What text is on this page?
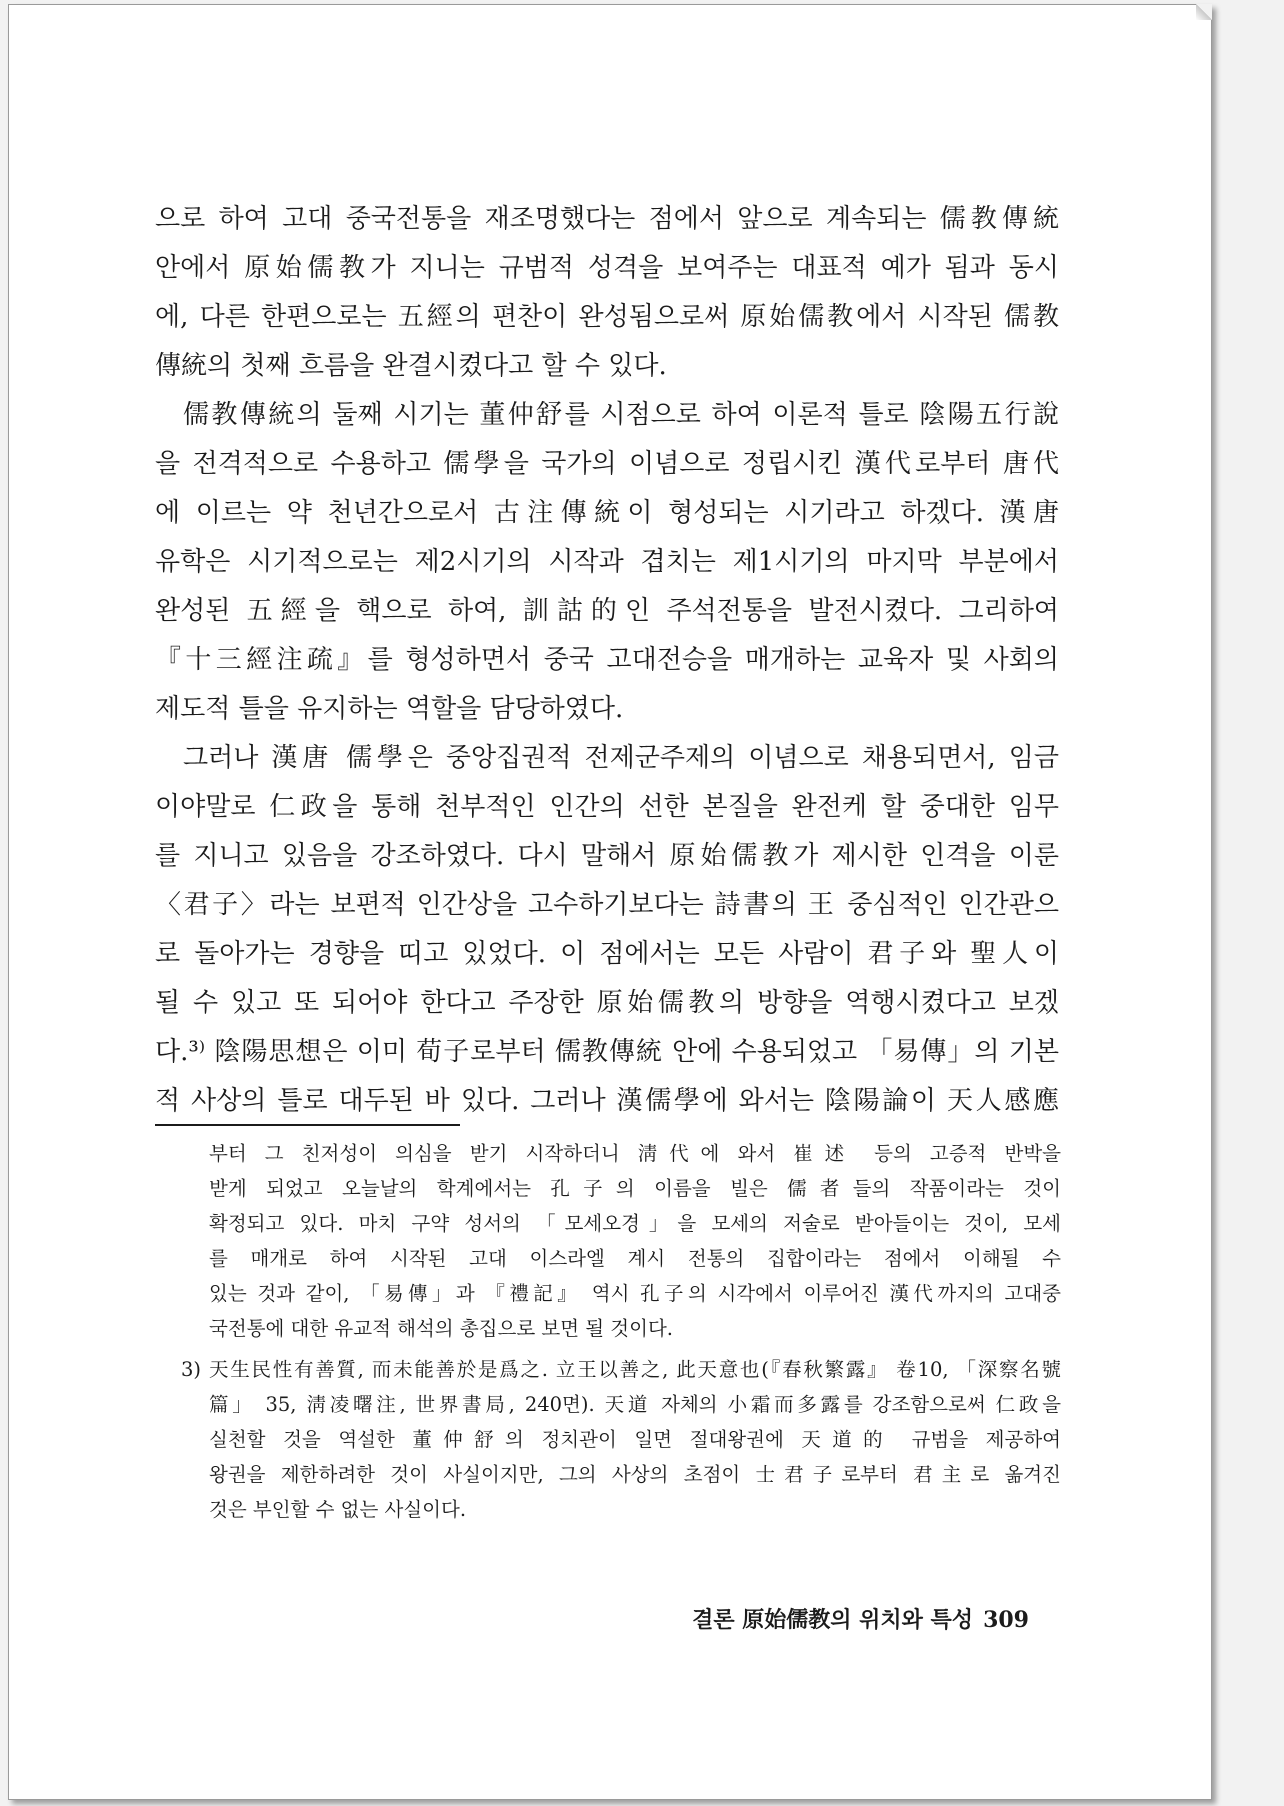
으로 하여 고대 중국전통을 재조명했다는 점에서 앞으로 계속되는 儒教傳統
안에서 原始儒教가 지니는 규범적 성격을 보여주는 대표적 예가 됨과 동시
에, 다른 한편으로는 五經의 편찬이 완성됨으로써 原始儒教에서 시작된 儒教
傳統의 첫째 흐름을 완결시켰다고 할 수 있다.
儒教傳統의 둘째 시기는 董仲舒를 시점으로 하여 이론적 틀로 陰陽五行說
을 전격적으로 수용하고 儒學을 국가의 이념으로 정립시킨 漢代로부터 唐代
에 이르는 약 천년간으로서 古注傳統이 형성되는 시기라고 하겠다. 漢唐
유학은 시기적으로는 제2시기의 시작과 겹치는 제1시기의 마지막 부분에서
완성된 五經을 핵으로 하여, 訓詁的인 주석전통을 발전시켰다. 그리하여
『十三經注疏』를 형성하면서 중국 고대전승을 매개하는 교육자 및 사회의
제도적 틀을 유지하는 역할을 담당하였다.
그러나 漢唐 儒學은 중앙집권적 전제군주제의 이념으로 채용되면서, 임금
이야말로 仁政을 통해 천부적인 인간의 선한 본질을 완전케 할 중대한 임무
를 지니고 있음을 강조하였다. 다시 말해서 原始儒教가 제시한 인격을 이룬
〈君子〉라는 보편적 인간상을 고수하기보다는 詩書의 王 중심적인 인간관으
로 돌아가는 경향을 띠고 있었다. 이 점에서는 모든 사람이 君子와 聖人이
될 수 있고 또 되어야 한다고 주장한 原始儒教의 방향을 역행시켰다고 보겠
다.³⁾ 陰陽思想은 이미 荀子로부터 儒教傳統 안에 수용되었고 「易傳」의 기본
적 사상의 틀로 대두된 바 있다. 그러나 漢儒學에 와서는 陰陽論이 天人感應
부터 그 친저성이 의심을 받기 시작하더니 淸代에 와서 崔述 등의 고증적 반박을
받게 되었고 오늘날의 학계에서는 孔子의 이름을 빌은 儒者들의 작품이라는 것이
확정되고 있다. 마치 구약 성서의 「모세오경」을 모세의 저술로 받아들이는 것이, 모세
를 매개로 하여 시작된 고대 이스라엘 계시 전통의 집합이라는 점에서 이해될 수
있는 것과 같이, 「易傳」과 『禮記』 역시 孔子의 시각에서 이루어진 漢代까지의 고대중
국전통에 대한 유교적 해석의 총집으로 보면 될 것이다.
3) 天生民性有善質, 而未能善於是爲之. 立王以善之, 此天意也(『春秋繁露』 卷10, 「深察名號
篇」 35, 淸凌曙注, 世界書局, 240면). 天道 자체의 小霜而多露를 강조함으로써 仁政을
실천할 것을 역설한 董仲舒의 정치관이 일면 절대왕권에 天道的 규범을 제공하여
왕권을 제한하려한 것이 사실이지만, 그의 사상의 초점이 士君子로부터 君主로 옮겨진
것은 부인할 수 없는 사실이다.
결론 原始儒教의 위치와 특성 309
